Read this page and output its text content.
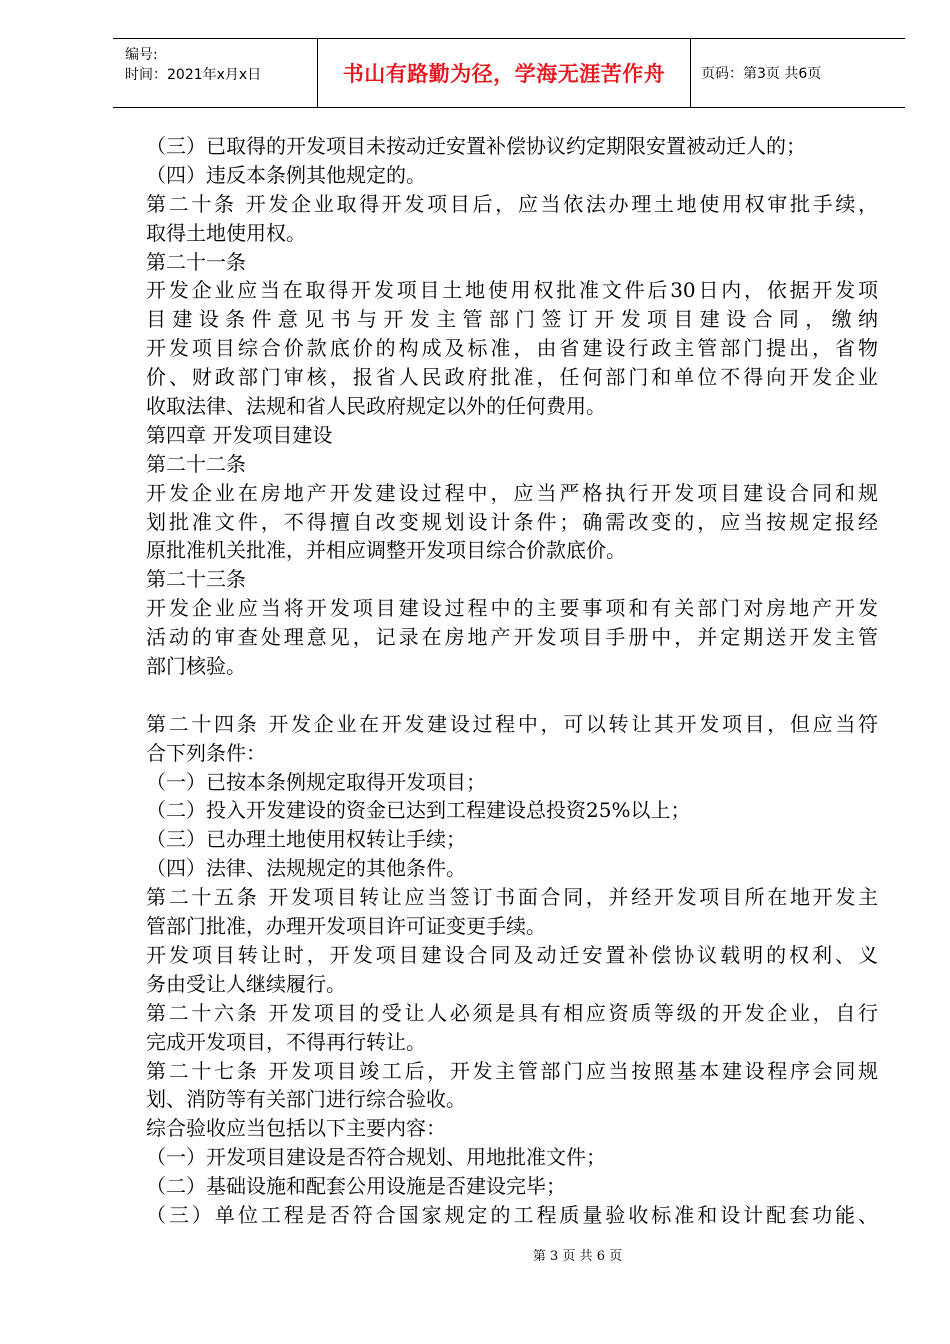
编号:
时间：2021年x月x日	书山有路勤为径，学海无涯苦作舟	页码：第3页 共6页
（三）已取得的开发项目未按动迁安置补偿协议约定期限安置被动迁人的；
（四）违反本条例其他规定的。
第二十条 开发企业取得开发项目后，应当依法办理土地使用权审批手续，
取得土地使用权。
第二十一条
开发企业应当在取得开发项目土地使用权批准文件后30日内，依据开发项
目建设条件意见书与开发主管部门签订开发项目建设合同，缴纳
开发项目综合价款底价的构成及标准，由省建设行政主管部门提出，省物
价、财政部门审核，报省人民政府批准，任何部门和单位不得向开发企业
收取法律、法规和省人民政府规定以外的任何费用。
第四章 开发项目建设
第二十二条
开发企业在房地产开发建设过程中，应当严格执行开发项目建设合同和规
划批准文件，不得擅自改变规划设计条件；确需改变的，应当按规定报经
原批准机关批准，并相应调整开发项目综合价款底价。
第二十三条
开发企业应当将开发项目建设过程中的主要事项和有关部门对房地产开发
活动的审查处理意见，记录在房地产开发项目手册中，并定期送开发主管
部门核验。
第二十四条 开发企业在开发建设过程中，可以转让其开发项目，但应当符
合下列条件：
（一）已按本条例规定取得开发项目；
（二）投入开发建设的资金已达到工程建设总投资25%以上；
（三）已办理土地使用权转让手续；
（四）法律、法规规定的其他条件。
第二十五条 开发项目转让应当签订书面合同，并经开发项目所在地开发主
管部门批准，办理开发项目许可证变更手续。
开发项目转让时，开发项目建设合同及动迁安置补偿协议载明的权利、义
务由受让人继续履行。
第二十六条 开发项目的受让人必须是具有相应资质等级的开发企业，自行
完成开发项目，不得再行转让。
第二十七条 开发项目竣工后，开发主管部门应当按照基本建设程序会同规
划、消防等有关部门进行综合验收。
综合验收应当包括以下主要内容：
（一）开发项目建设是否符合规划、用地批准文件；
（二）基础设施和配套公用设施是否建设完毕；
（三）单位工程是否符合国家规定的工程质量验收标准和设计配套功能、
第 3 页 共 6 页
